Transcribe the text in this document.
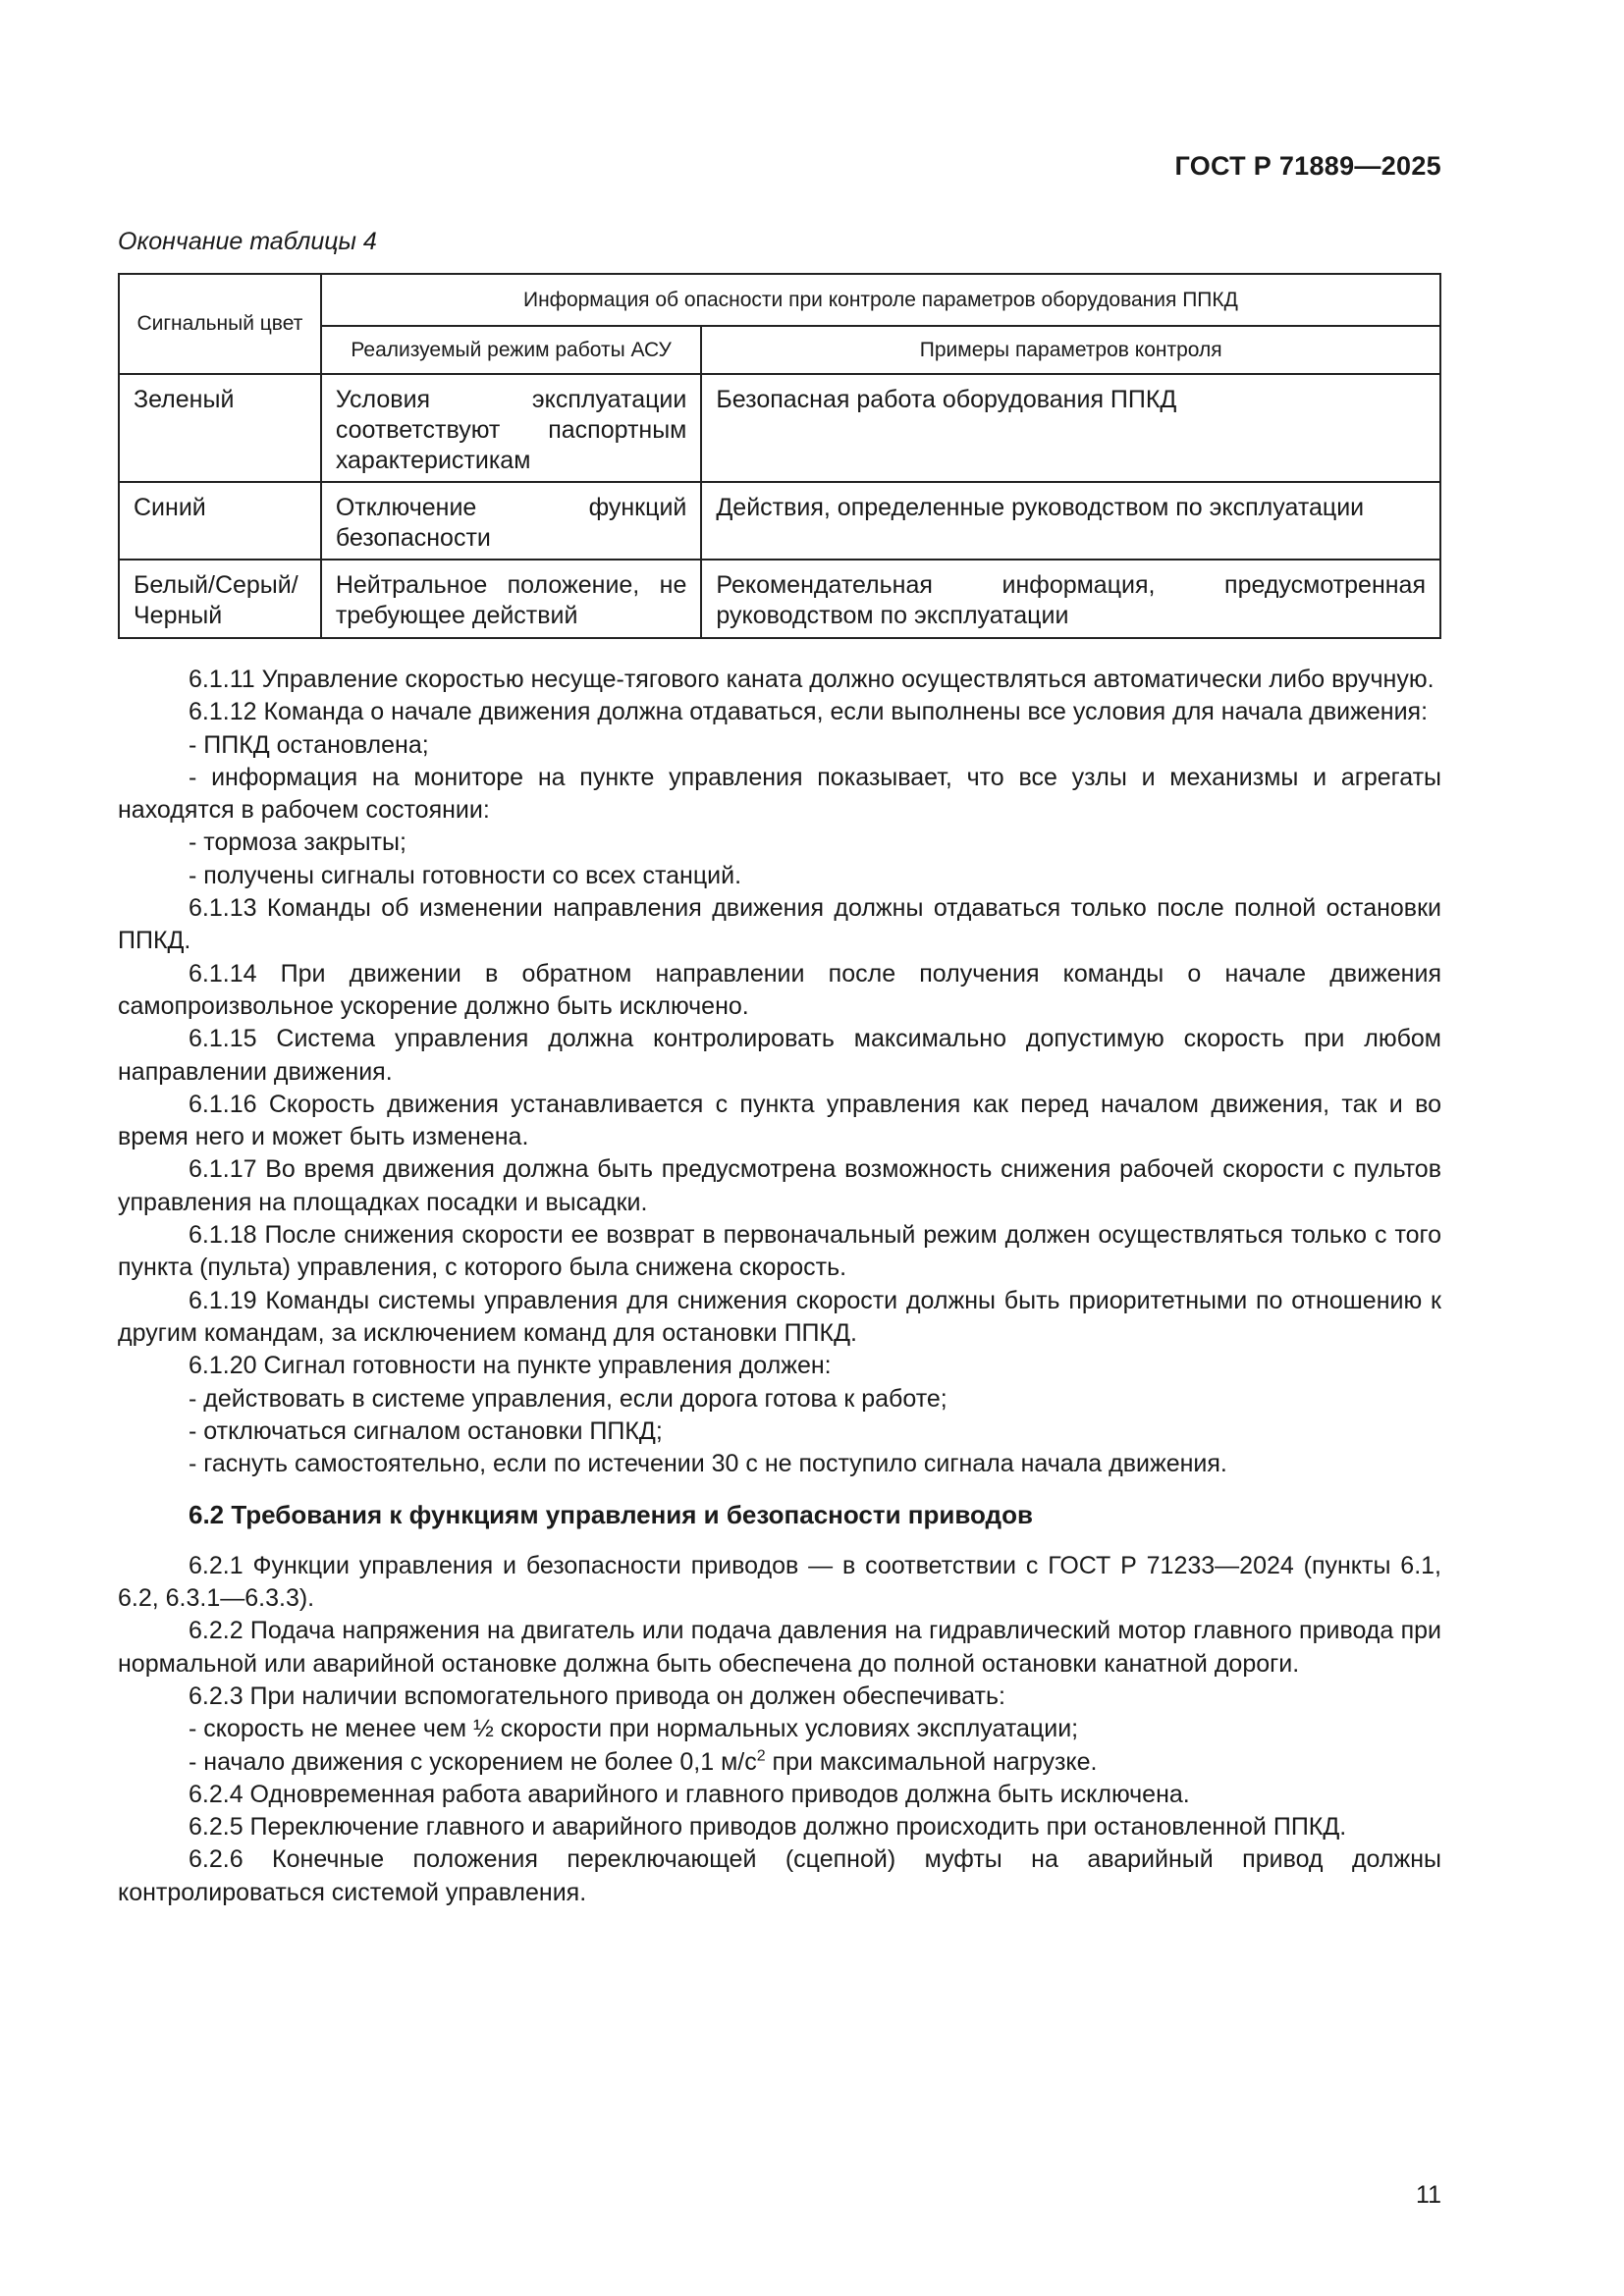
ГОСТ Р 71889—2025
Окончание таблицы 4
Сигнальный цвет	Информация об опасности при контроле параметров оборудования ППКД	
	Реализуемый режим работы АСУ	Примеры параметров контроля
Зеленый	Условия эксплуатации соответствуют паспортным характеристикам	Безопасная работа оборудования ППКД
Синий	Отключение функций безопасности	Действия, определенные руководством по эксплуатации
Белый/Серый/ Черный	Нейтральное положение, не требующее действий	Рекомендательная информация, предусмотренная руководством по эксплуатации

6.1.11 Управление скоростью несуще-тягового каната должно осуществляться автоматически либо вручную.

6.1.12 Команда о начале движения должна отдаваться, если выполнены все условия для начала движения:

- ППКД остановлена;

- информация на мониторе на пункте управления показывает, что все узлы и механизмы и агрегаты находятся в рабочем состоянии:

- тормоза закрыты;

- получены сигналы готовности со всех станций.

6.1.13 Команды об изменении направления движения должны отдаваться только после полной остановки ППКД.

6.1.14 При движении в обратном направлении после получения команды о начале движения самопроизвольное ускорение должно быть исключено.

6.1.15 Система управления должна контролировать максимально допустимую скорость при любом направлении движения.

6.1.16 Скорость движения устанавливается с пункта управления как перед началом движения, так и во время него и может быть изменена.

6.1.17 Во время движения должна быть предусмотрена возможность снижения рабочей скорости с пультов управления на площадках посадки и высадки.

6.1.18 После снижения скорости ее возврат в первоначальный режим должен осуществляться только с того пункта (пульта) управления, с которого была снижена скорость.

6.1.19 Команды системы управления для снижения скорости должны быть приоритетными по отношению к другим командам, за исключением команд для остановки ППКД.

6.1.20 Сигнал готовности на пункте управления должен:

- действовать в системе управления, если дорога готова к работе;

- отключаться сигналом остановки ППКД;

- гаснуть самостоятельно, если по истечении 30 с не поступило сигнала начала движения.

6.2 Требования к функциям управления и безопасности приводов

6.2.1 Функции управления и безопасности приводов — в соответствии с ГОСТ Р 71233—2024 (пункты 6.1, 6.2, 6.3.1—6.3.3).

6.2.2 Подача напряжения на двигатель или подача давления на гидравлический мотор главного привода при нормальной или аварийной остановке должна быть обеспечена до полной остановки канатной дороги.

6.2.3 При наличии вспомогательного привода он должен обеспечивать:

- скорость не менее чем ½ скорости при нормальных условиях эксплуатации;

- начало движения с ускорением не более 0,1 $м/с^2$ при максимальной нагрузке.

6.2.4 Одновременная работа аварийного и главного приводов должна быть исключена.

6.2.5 Переключение главного и аварийного приводов должно происходить при остановленной ППКД.

6.2.6 Конечные положения переключающей (сцепной) муфты на аварийный привод должны контролироваться системой управления.

11
